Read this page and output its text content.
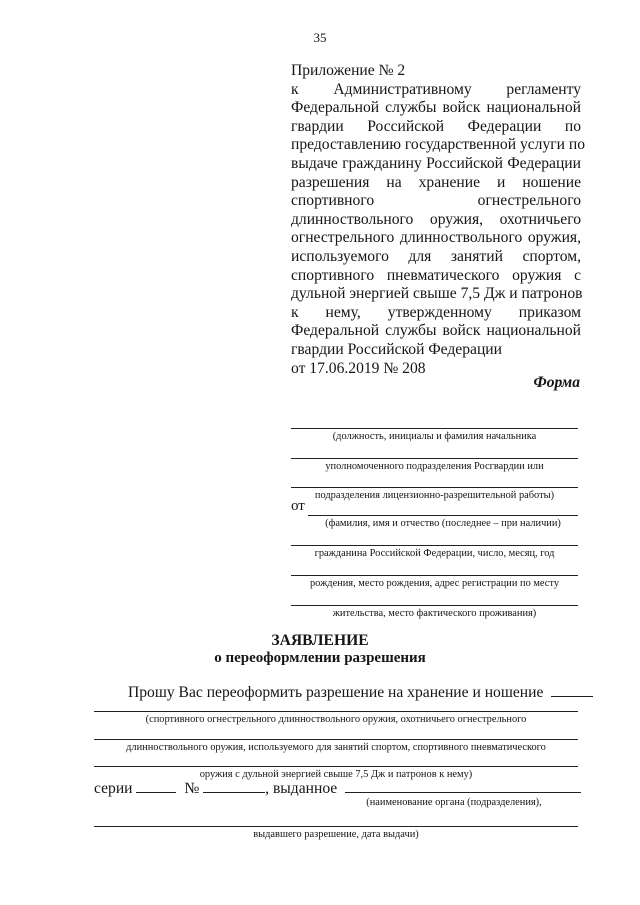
35
Приложение № 2
к Административному регламенту
Федеральной службы войск национальной
гвардии Российской Федерации по
предоставлению государственной услуги по
выдаче гражданину Российской Федерации
разрешения на хранение и ношение
спортивного огнестрельного
длинноствольного оружия, охотничьего
огнестрельного длинноствольного оружия,
используемого для занятий спортом,
спортивного пневматического оружия с
дульной энергией свыше 7,5 Дж и патронов
к нему, утвержденному приказом
Федеральной службы войск национальной
гвардии Российской Федерации
от 17.06.2019 № 208
Форма
(должность, инициалы и фамилия начальника
уполномоченного подразделения Росгвардии или
подразделения лицензионно-разрешительной работы)
от
(фамилия, имя и отчество (последнее – при наличии)
гражданина Российской Федерации, число, месяц, год
рождения, место рождения, адрес регистрации по месту
жительства, место фактического проживания)
ЗАЯВЛЕНИЕ
о переоформлении разрешения
Прошу Вас переоформить разрешение на хранение и ношение
(спортивного огнестрельного длинноствольного оружия, охотничьего огнестрельного
длинноствольного оружия, используемого для занятий спортом, спортивного пневматического
оружия с дульной энергией свыше 7,5 Дж и патронов к нему)
серии	№	, выданное
(наименование органа (подразделения),
выдавшего разрешение, дата выдачи)
